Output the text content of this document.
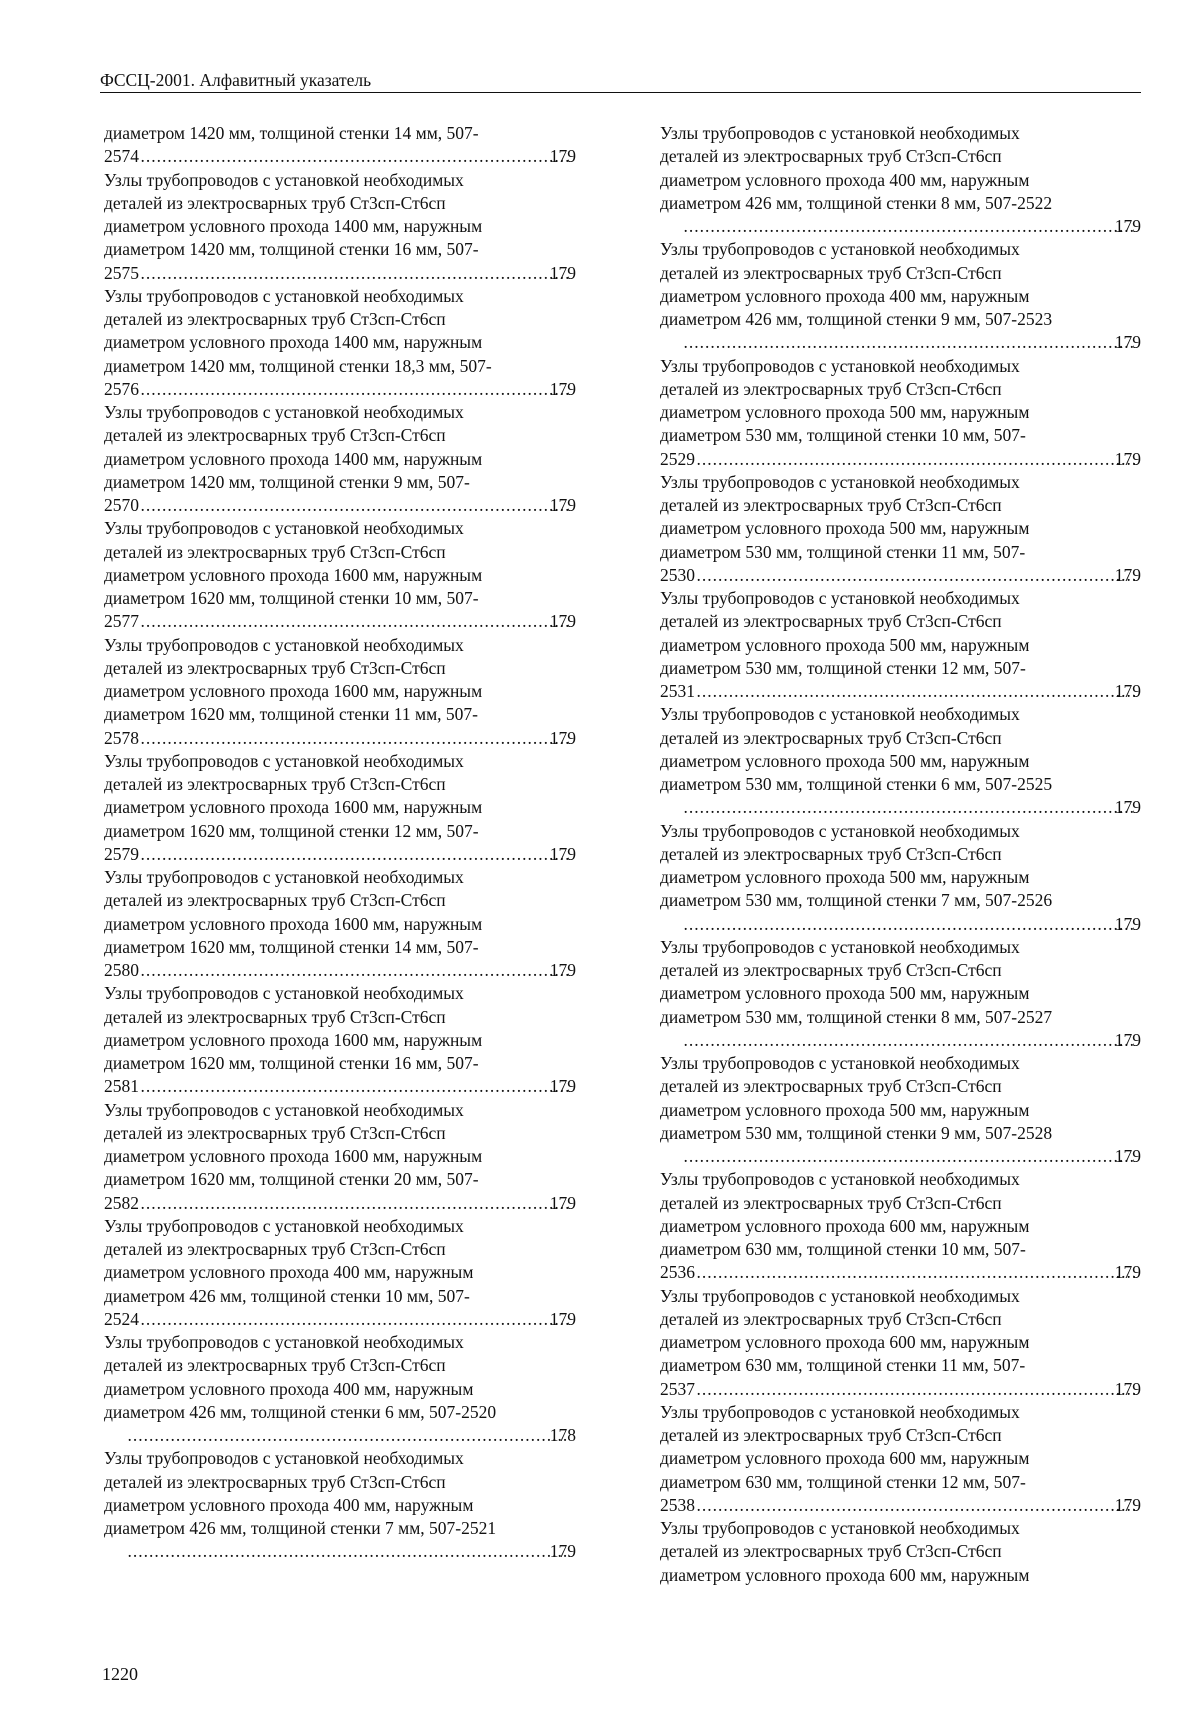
ФССЦ-2001. Алфавитный указатель
диаметром 1420 мм, толщиной стенки 14 мм, 507-
2574 .....	179
Узлы трубопроводов с установкой необходимых
деталей из электросварных труб Ст3сп-Ст6сп
диаметром условного прохода 1400 мм, наружным
диаметром 1420 мм, толщиной стенки 16 мм, 507-
2575 .....	179
Узлы трубопроводов с установкой необходимых
деталей из электросварных труб Ст3сп-Ст6сп
диаметром условного прохода 1400 мм, наружным
диаметром 1420 мм, толщиной стенки 18,3 мм, 507-
2576 .....	179
Узлы трубопроводов с установкой необходимых
деталей из электросварных труб Ст3сп-Ст6сп
диаметром условного прохода 1400 мм, наружным
диаметром 1420 мм, толщиной стенки 9 мм, 507-
2570 .....	179
Узлы трубопроводов с установкой необходимых
деталей из электросварных труб Ст3сп-Ст6сп
диаметром условного прохода 1600 мм, наружным
диаметром 1620 мм, толщиной стенки 10 мм, 507-
2577 .....	179
Узлы трубопроводов с установкой необходимых
деталей из электросварных труб Ст3сп-Ст6сп
диаметром условного прохода 1600 мм, наружным
диаметром 1620 мм, толщиной стенки 11 мм, 507-
2578 .....	179
Узлы трубопроводов с установкой необходимых
деталей из электросварных труб Ст3сп-Ст6сп
диаметром условного прохода 1600 мм, наружным
диаметром 1620 мм, толщиной стенки 12 мм, 507-
2579 .....	179
Узлы трубопроводов с установкой необходимых
деталей из электросварных труб Ст3сп-Ст6сп
диаметром условного прохода 1600 мм, наружным
диаметром 1620 мм, толщиной стенки 14 мм, 507-
2580 .....	179
Узлы трубопроводов с установкой необходимых
деталей из электросварных труб Ст3сп-Ст6сп
диаметром условного прохода 1600 мм, наружным
диаметром 1620 мм, толщиной стенки 16 мм, 507-
2581 .....	179
Узлы трубопроводов с установкой необходимых
деталей из электросварных труб Ст3сп-Ст6сп
диаметром условного прохода 1600 мм, наружным
диаметром 1620 мм, толщиной стенки 20 мм, 507-
2582 .....	179
Узлы трубопроводов с установкой необходимых
деталей из электросварных труб Ст3сп-Ст6сп
диаметром условного прохода 400 мм, наружным
диаметром 426 мм, толщиной стенки 10 мм, 507-
2524 .....	179
Узлы трубопроводов с установкой необходимых
деталей из электросварных труб Ст3сп-Ст6сп
диаметром условного прохода 400 мм, наружным
диаметром 426 мм, толщиной стенки 6 мм, 507-2520
.....
178
Узлы трубопроводов с установкой необходимых
деталей из электросварных труб Ст3сп-Ст6сп
диаметром условного прохода 400 мм, наружным
диаметром 426 мм, толщиной стенки 7 мм, 507-2521
.....
179
Узлы трубопроводов с установкой необходимых
деталей из электросварных труб Ст3сп-Ст6сп
диаметром условного прохода 400 мм, наружным
диаметром 426 мм, толщиной стенки 8 мм, 507-2522
.....
179
Узлы трубопроводов с установкой необходимых
деталей из электросварных труб Ст3сп-Ст6сп
диаметром условного прохода 400 мм, наружным
диаметром 426 мм, толщиной стенки 9 мм, 507-2523
.....
179
Узлы трубопроводов с установкой необходимых
деталей из электросварных труб Ст3сп-Ст6сп
диаметром условного прохода 500 мм, наружным
диаметром 530 мм, толщиной стенки 10 мм, 507-
2529 .....	179
Узлы трубопроводов с установкой необходимых
деталей из электросварных труб Ст3сп-Ст6сп
диаметром условного прохода 500 мм, наружным
диаметром 530 мм, толщиной стенки 11 мм, 507-
2530 .....	179
Узлы трубопроводов с установкой необходимых
деталей из электросварных труб Ст3сп-Ст6сп
диаметром условного прохода 500 мм, наружным
диаметром 530 мм, толщиной стенки 12 мм, 507-
2531 .....	179
Узлы трубопроводов с установкой необходимых
деталей из электросварных труб Ст3сп-Ст6сп
диаметром условного прохода 500 мм, наружным
диаметром 530 мм, толщиной стенки 6 мм, 507-2525
.....
179
Узлы трубопроводов с установкой необходимых
деталей из электросварных труб Ст3сп-Ст6сп
диаметром условного прохода 500 мм, наружным
диаметром 530 мм, толщиной стенки 7 мм, 507-2526
.....
179
Узлы трубопроводов с установкой необходимых
деталей из электросварных труб Ст3сп-Ст6сп
диаметром условного прохода 500 мм, наружным
диаметром 530 мм, толщиной стенки 8 мм, 507-2527
.....
179
Узлы трубопроводов с установкой необходимых
деталей из электросварных труб Ст3сп-Ст6сп
диаметром условного прохода 500 мм, наружным
диаметром 530 мм, толщиной стенки 9 мм, 507-2528
.....
179
Узлы трубопроводов с установкой необходимых
деталей из электросварных труб Ст3сп-Ст6сп
диаметром условного прохода 600 мм, наружным
диаметром 630 мм, толщиной стенки 10 мм, 507-
2536 .....	179
Узлы трубопроводов с установкой необходимых
деталей из электросварных труб Ст3сп-Ст6сп
диаметром условного прохода 600 мм, наружным
диаметром 630 мм, толщиной стенки 11 мм, 507-
2537 .....	179
Узлы трубопроводов с установкой необходимых
деталей из электросварных труб Ст3сп-Ст6сп
диаметром условного прохода 600 мм, наружным
диаметром 630 мм, толщиной стенки 12 мм, 507-
2538 .....	179
Узлы трубопроводов с установкой необходимых
деталей из электросварных труб Ст3сп-Ст6сп
диаметром условного прохода 600 мм, наружным
1220
